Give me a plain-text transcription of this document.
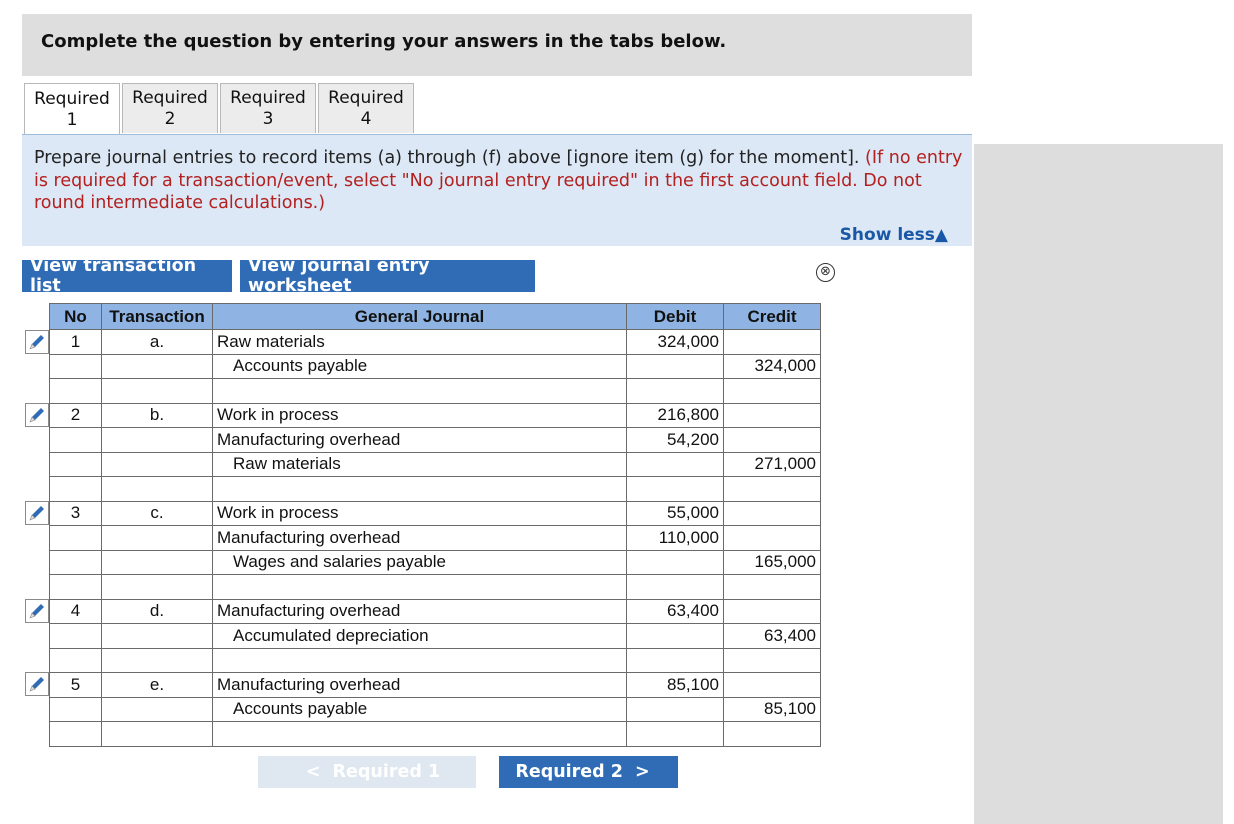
Complete the question by entering your answers in the tabs below.
Required
1
Required
2
Required
3
Required
4
Prepare journal entries to record items (a) through (f) above [ignore item (g) for the moment]. (If no entry is required for a transaction/event, select "No journal entry required" in the first account field. Do not round intermediate calculations.)
Show less▲
View transaction list
View journal entry worksheet
⊗
No	Transaction	General Journal	Debit	Credit
1	a.	Raw materials	324,000	
		Accounts payable		324,000

2	b.	Work in process	216,800	
		Manufacturing overhead	54,200	
		Raw materials		271,000

3	c.	Work in process	55,000	
		Manufacturing overhead	110,000	
		Wages and salaries payable		165,000

4	d.	Manufacturing overhead	63,400	
		Accumulated depreciation		63,400

5	e.	Manufacturing overhead	85,100	
		Accounts payable		85,100

< Required 1	Required 2 >
